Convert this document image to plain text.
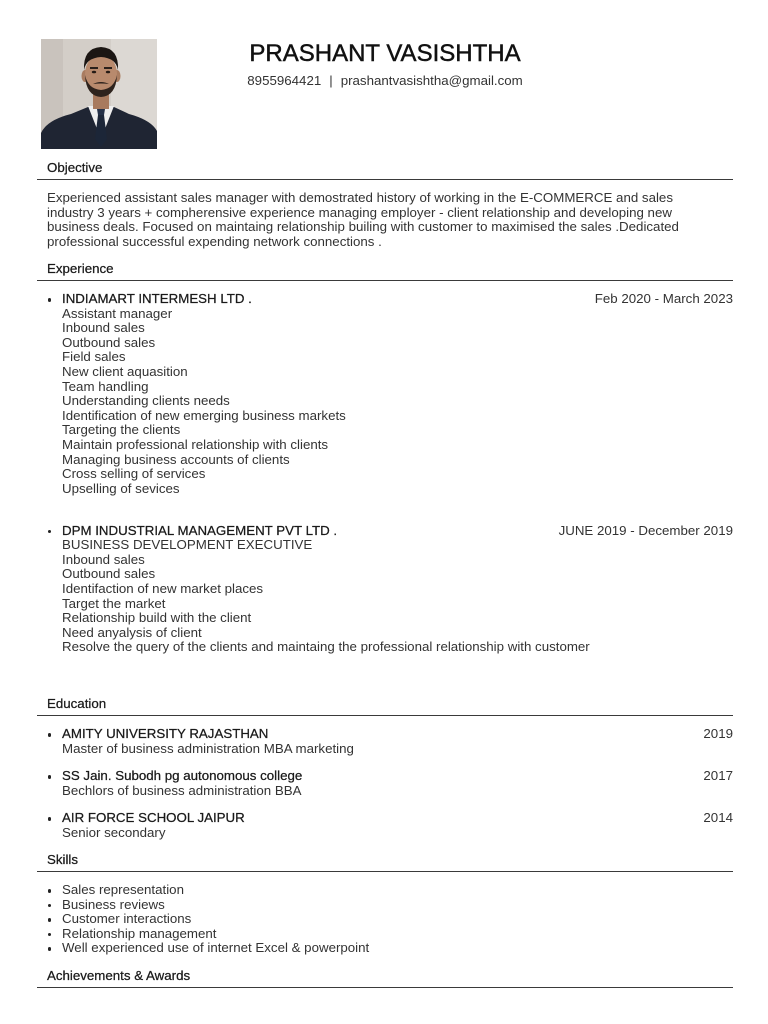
PRASHANT VASISHTHA
8955964421 | prashantvasishtha@gmail.com
Objective

Experienced assistant sales manager with demostrated history of working in the E-COMMERCE and sales industry 3 years + compherensive experience managing employer - client relationship and developing new business deals. Focused on maintaing relationship builing with customer to maximised the sales .Dedicated professional successful expending network connections .

Experience
INDIAMART INTERMESH LTD .	Feb 2020 - March 2023
Assistant manager
Inbound sales
Outbound sales
Field sales
New client aquasition
Team handling
Understanding clients needs
Identification of new emerging business markets
Targeting the clients
Maintain professional relationship with clients
Managing business accounts of clients
Cross selling of services
Upselling of sevices
DPM INDUSTRIAL MANAGEMENT PVT LTD .	JUNE 2019 - December 2019
BUSINESS DEVELOPMENT EXECUTIVE
Inbound sales
Outbound sales
Identifaction of new market places
Target the market
Relationship build with the client
Need anyalysis of client
Resolve the query of the clients and maintaing the professional relationship with customer
Education
AMITY UNIVERSITY RAJASTHAN	2019
Master of business administration MBA marketing
SS Jain. Subodh pg autonomous college	2017
Bechlors of business administration BBA
AIR FORCE SCHOOL JAIPUR	2014
Senior secondary
Skills
Sales representation
Business reviews
Customer interactions
Relationship management
Well experienced use of internet Excel & powerpoint
Achievements & Awards
